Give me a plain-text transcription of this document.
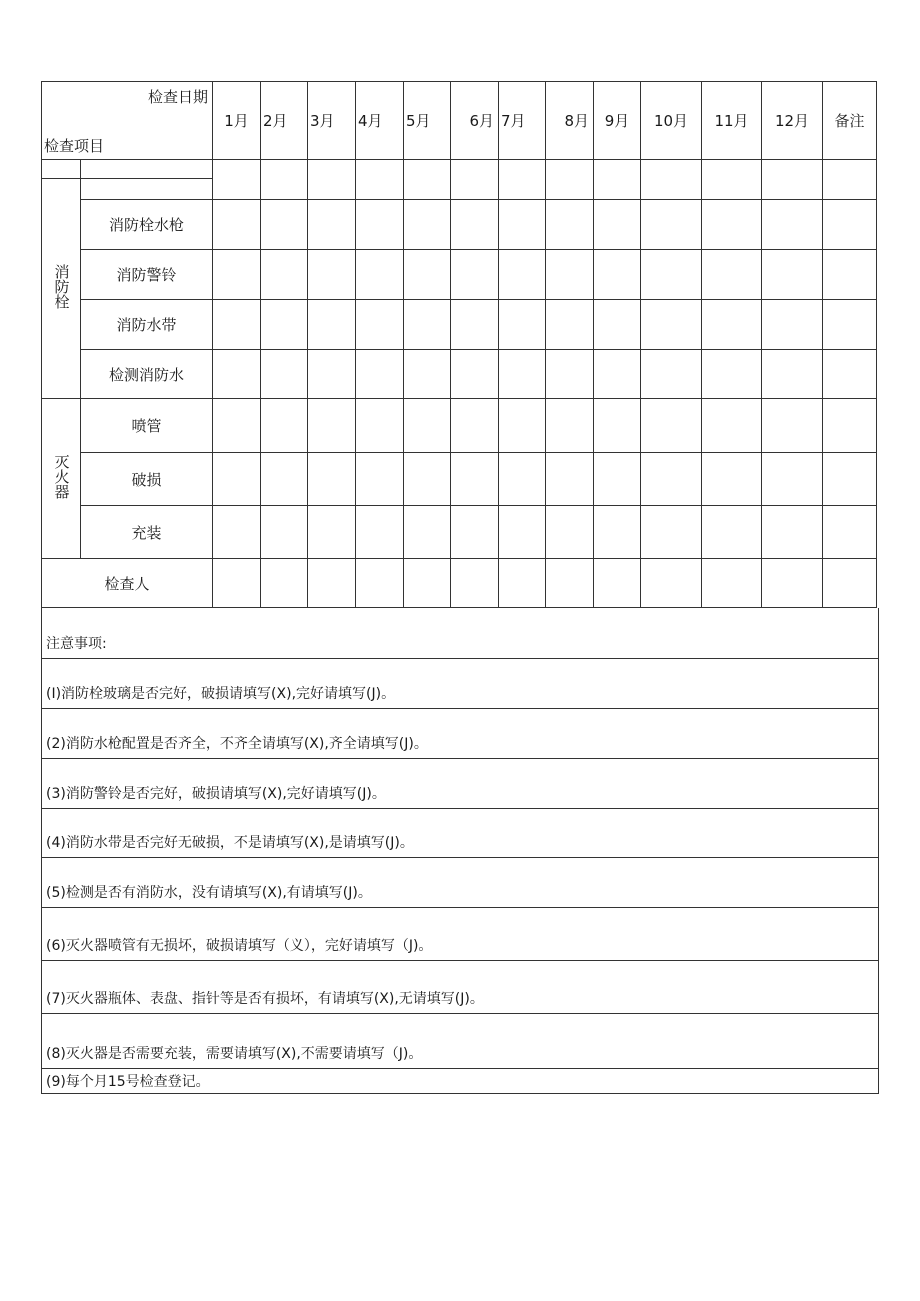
检查日期
检查项目		1月	2月	3月	4月	5月	6月	7月	8月	9月	10月	11月	12月	备注

消防栓														
	消防栓水枪													
	消防警铃													
	消防水带													
	检测消防水													
灭火器	喷管													
	破损													
	充装													
检查人														
注意事项:
(I)消防栓玻璃是否完好，破损请填写(X),完好请填写(J)。
(2)消防水枪配置是否齐全，不齐全请填写(X),齐全请填写(J)。
(3)消防警铃是否完好，破损请填写(X),完好请填写(J)。
(4)消防水带是否完好无破损，不是请填写(X),是请填写(J)。
(5)检测是否有消防水，没有请填写(X),有请填写(J)。
(6)灭火器喷管有无损坏，破损请填写（义），完好请填写（J)。
(7)灭火器瓶体、表盘、指针等是否有损坏，有请填写(X),无请填写(J)。
(8)灭火器是否需要充装，需要请填写(X),不需要请填写（J)。
(9)每个月15号检查登记。
